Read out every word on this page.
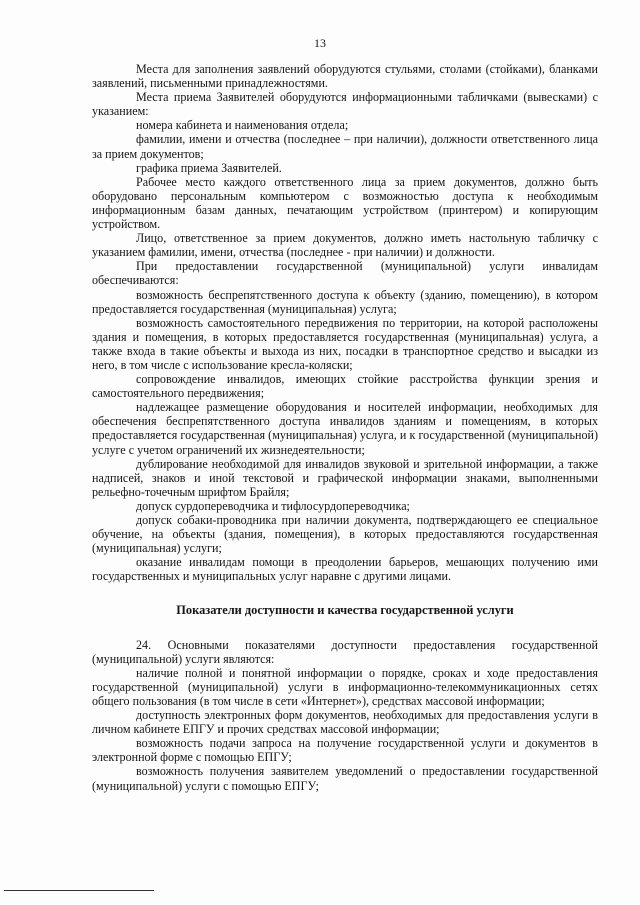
13

Места для заполнения заявлений оборудуются стульями, столами (стойками), бланками заявлений, письменными принадлежностями.

Места приема Заявителей оборудуются информационными табличками (вывесками) с указанием:

номера кабинета и наименования отдела;

фамилии, имени и отчества (последнее – при наличии), должности ответственного лица за прием документов;

графика приема Заявителей.

Рабочее место каждого ответственного лица за прием документов, должно быть оборудовано персональным компьютером с возможностью доступа к необходимым информационным базам данных, печатающим устройством (принтером) и копирующим устройством.

Лицо, ответственное за прием документов, должно иметь настольную табличку с указанием фамилии, имени, отчества (последнее - при наличии) и должности.

При предоставлении государственной (муниципальной) услуги инвалидам обеспечиваются:

возможность беспрепятственного доступа к объекту (зданию, помещению), в котором предоставляется государственная (муниципальная) услуга;

возможность самостоятельного передвижения по территории, на которой расположены здания и помещения, в которых предоставляется государственная (муниципальная) услуга, а также входа в такие объекты и выхода из них, посадки в транспортное средство и высадки из него, в том числе с использование кресла-коляски;

сопровождение инвалидов, имеющих стойкие расстройства функции зрения и самостоятельного передвижения;

надлежащее размещение оборудования и носителей информации, необходимых для обеспечения беспрепятственного доступа инвалидов зданиям и помещениям, в которых предоставляется государственная (муниципальная) услуга, и к государственной (муниципальной) услуге с учетом ограничений их жизнедеятельности;

дублирование необходимой для инвалидов звуковой и зрительной информации, а также надписей, знаков и иной текстовой и графической информации знаками, выполненными рельефно-точечным шрифтом Брайля;

допуск сурдопереводчика и тифлосурдопереводчика;

допуск собаки-проводника при наличии документа, подтверждающего ее специальное обучение, на объекты (здания, помещения), в которых предоставляются государственная (муниципальная) услуги;

оказание инвалидам помощи в преодолении барьеров, мешающих получению ими государственных и муниципальных услуг наравне с другими лицами.

Показатели доступности и качества государственной услуги

24. Основными показателями доступности предоставления государственной (муниципальной) услуги являются:

наличие полной и понятной информации о порядке, сроках и ходе предоставления государственной (муниципальной) услуги в информационно-телекоммуникационных сетях общего пользования (в том числе в сети «Интернет»), средствах массовой информации;

доступность электронных форм документов, необходимых для предоставления услуги в личном кабинете ЕПГУ и прочих средствах массовой информации;

возможность подачи запроса на получение государственной услуги и документов в электронной форме с помощью ЕПГУ;

возможность получения заявителем уведомлений о предоставлении государственной (муниципальной) услуги с помощью ЕПГУ;
